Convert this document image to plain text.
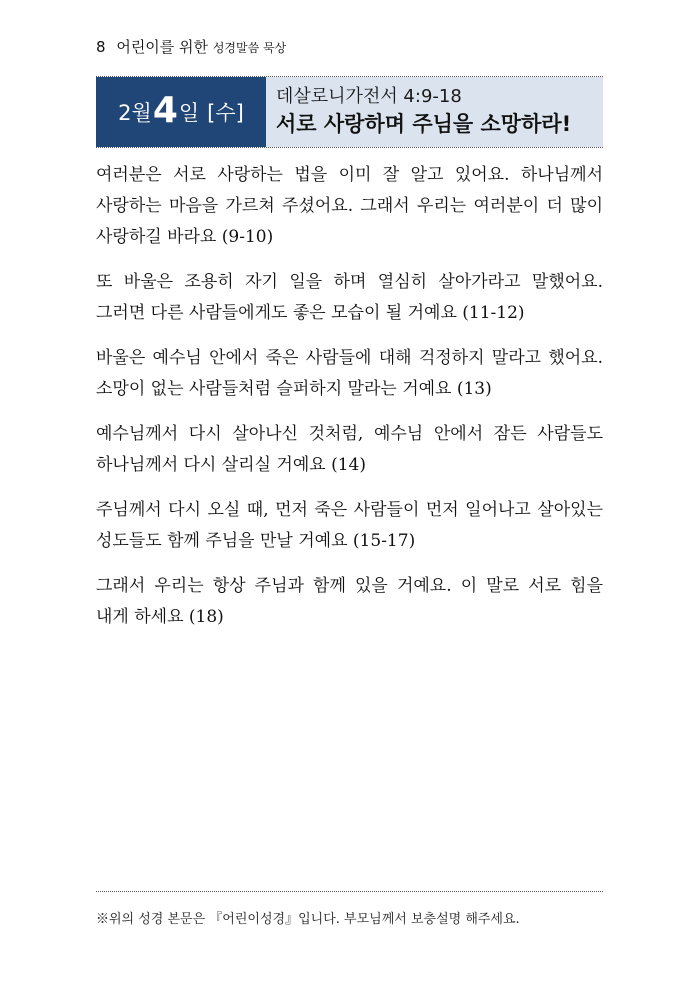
8 어린이를 위한 성경말씀 묵상
2월 4 일 [수]
데살로니가전서 4:9-18
서로 사랑하며 주님을 소망하라!

여러분은 서로 사랑하는 법을 이미 잘 알고 있어요. 하나님께서 사랑하는 마음을 가르쳐 주셨어요. 그래서 우리는 여러분이 더 많이 사랑하길 바라요 (9-10)

또 바울은 조용히 자기 일을 하며 열심히 살아가라고 말했어요. 그러면 다른 사람들에게도 좋은 모습이 될 거예요 (11-12)

바울은 예수님 안에서 죽은 사람들에 대해 걱정하지 말라고 했어요. 소망이 없는 사람들처럼 슬퍼하지 말라는 거예요 (13)

예수님께서 다시 살아나신 것처럼, 예수님 안에서 잠든 사람들도 하나님께서 다시 살리실 거예요 (14)

주님께서 다시 오실 때, 먼저 죽은 사람들이 먼저 일어나고 살아있는 성도들도 함께 주님을 만날 거예요 (15-17)

그래서 우리는 항상 주님과 함께 있을 거예요. 이 말로 서로 힘을 내게 하세요 (18)

※위의 성경 본문은 『어린이성경』입니다. 부모님께서 보충설명 해주세요.
